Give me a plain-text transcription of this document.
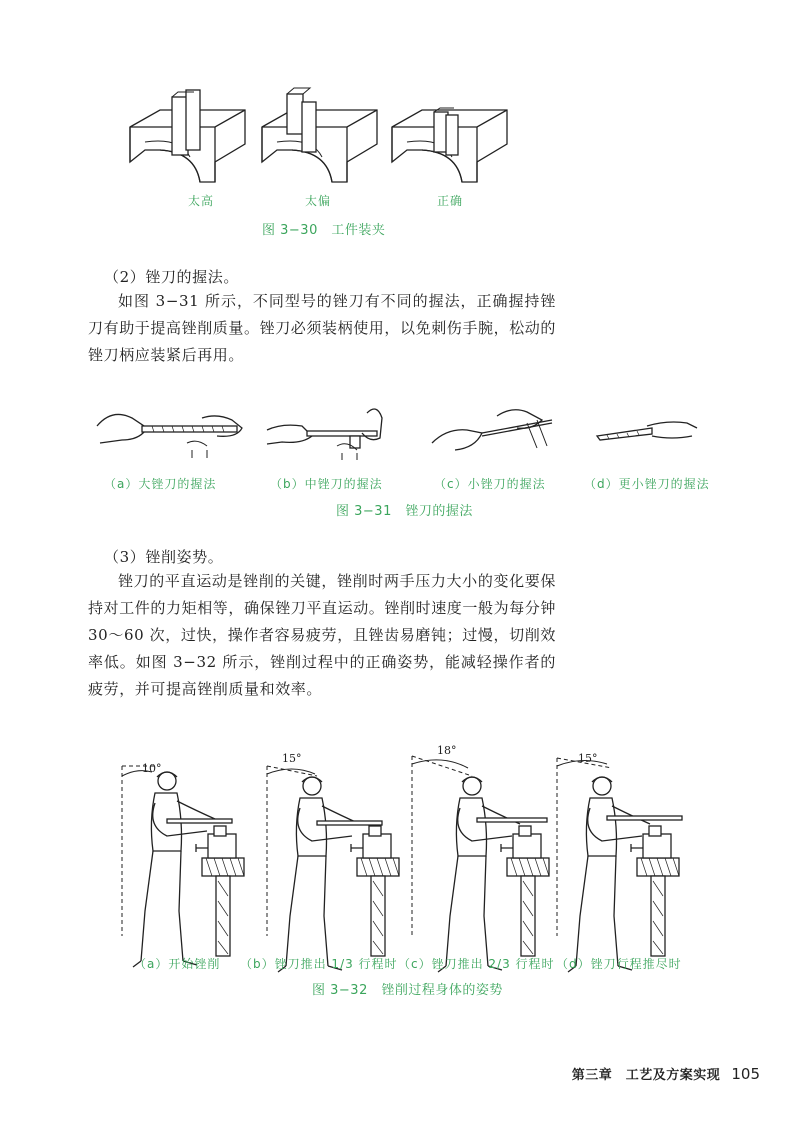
太高	太偏	正确
图 3−30　工件装夹
（2）锉刀的握法。
如图 3−31 所示，不同型号的锉刀有不同的握法，正确握持锉刀有助于提高锉削质量。锉刀必须装柄使用，以免刺伤手腕，松动的锉刀柄应装紧后再用。
（a）大锉刀的握法	（b）中锉刀的握法	（c）小锉刀的握法	（d）更小锉刀的握法
图 3−31　锉刀的握法
（3）锉削姿势。
锉刀的平直运动是锉削的关键，锉削时两手压力大小的变化要保持对工件的力矩相等，确保锉刀平直运动。锉削时速度一般为每分钟 30～60 次，过快，操作者容易疲劳，且锉齿易磨钝；过慢，切削效率低。如图 3−32 所示，锉削过程中的正确姿势，能减轻操作者的疲劳，并可提高锉削质量和效率。
10°
15°
18°
15°
（a）开始锉削 （b）锉刀推出 1/3 行程时 （c）锉刀推出 2/3 行程时 （d）锉刀行程推尽时
图 3−32　锉削过程身体的姿势
第三章　工艺及方案实现 105
